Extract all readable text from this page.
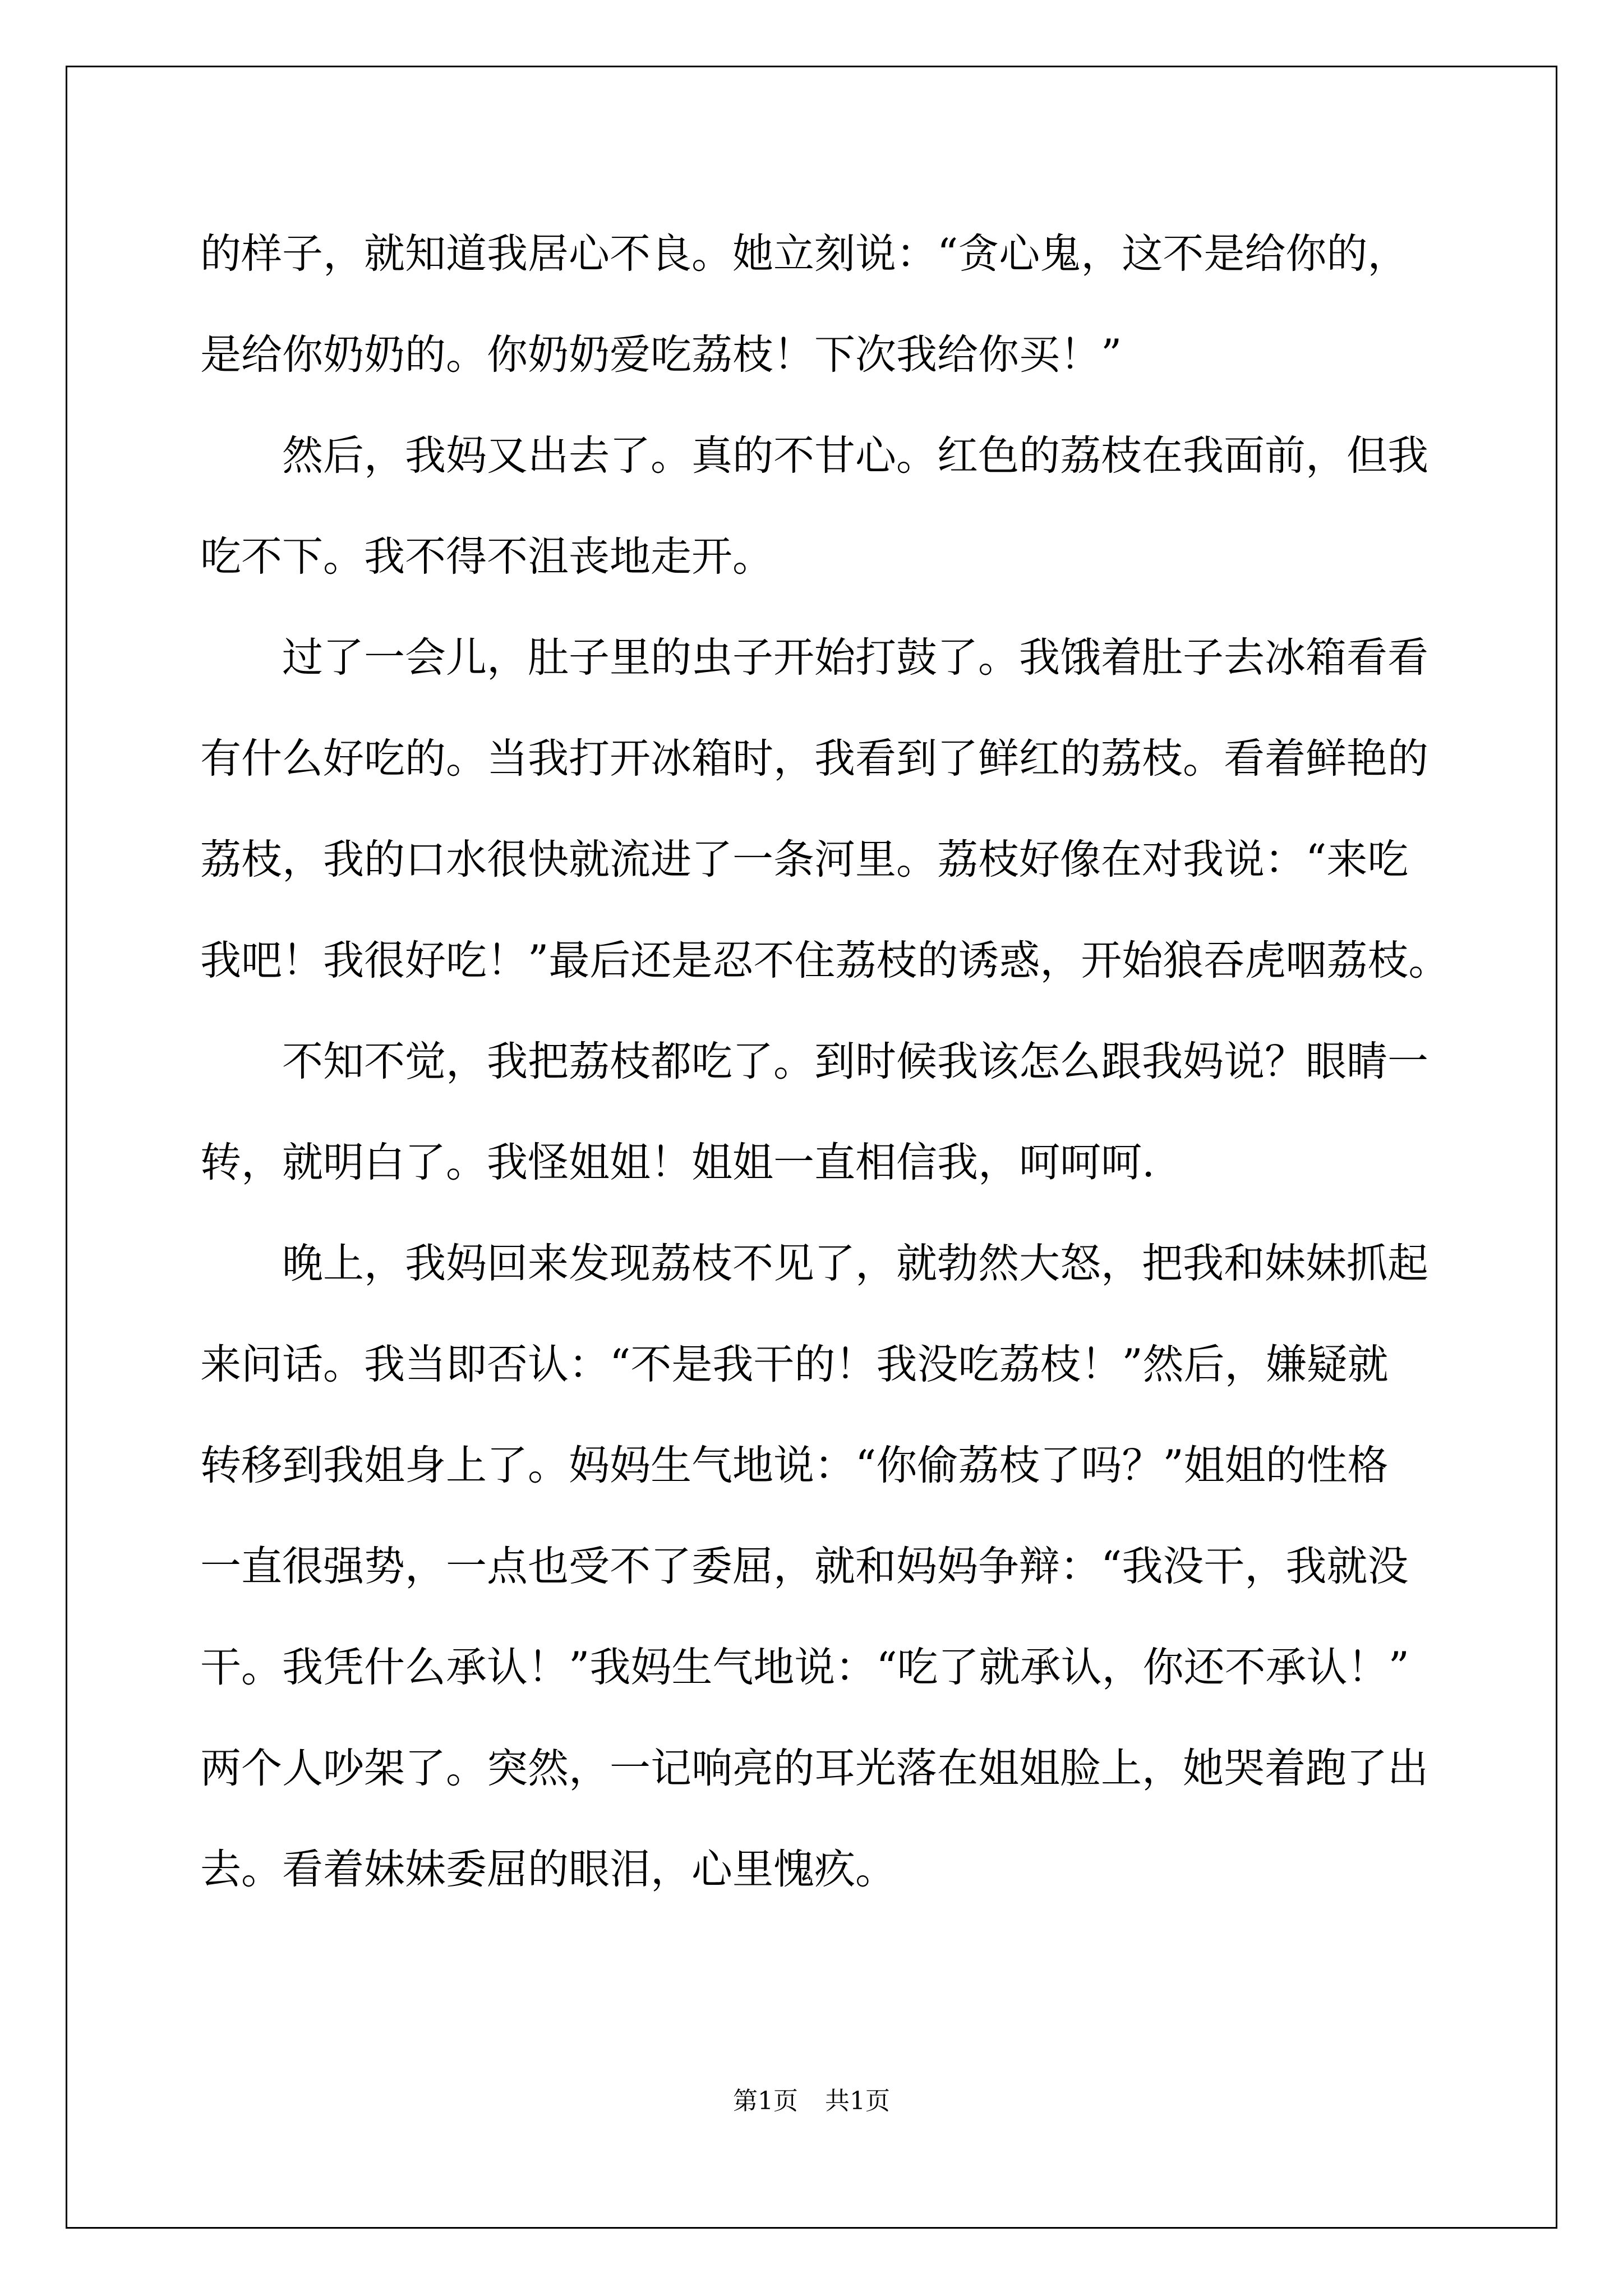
的样子，就知道我居心不良。她立刻说：“贪心鬼，这不是给你的，
是给你奶奶的。你奶奶爱吃荔枝！下次我给你买！”
　　然后，我妈又出去了。真的不甘心。红色的荔枝在我面前，但我
吃不下。我不得不沮丧地走开。
　　过了一会儿，肚子里的虫子开始打鼓了。我饿着肚子去冰箱看看
有什么好吃的。当我打开冰箱时，我看到了鲜红的荔枝。看着鲜艳的
荔枝，我的口水很快就流进了一条河里。荔枝好像在对我说：“来吃
我吧！我很好吃！”最后还是忍不住荔枝的诱惑，开始狼吞虎咽荔枝。
　　不知不觉，我把荔枝都吃了。到时候我该怎么跟我妈说？眼睛一
转，就明白了。我怪姐姐！姐姐一直相信我，呵呵呵.
　　晚上，我妈回来发现荔枝不见了，就勃然大怒，把我和妹妹抓起
来问话。我当即否认：“不是我干的！我没吃荔枝！”然后，嫌疑就
转移到我姐身上了。妈妈生气地说：“你偷荔枝了吗？”姐姐的性格
一直很强势，一点也受不了委屈，就和妈妈争辩：“我没干，我就没
干。我凭什么承认！”我妈生气地说：“吃了就承认，你还不承认！”
两个人吵架了。突然，一记响亮的耳光落在姐姐脸上，她哭着跑了出
去。看着妹妹委屈的眼泪，心里愧疚。
第1页 共1页
